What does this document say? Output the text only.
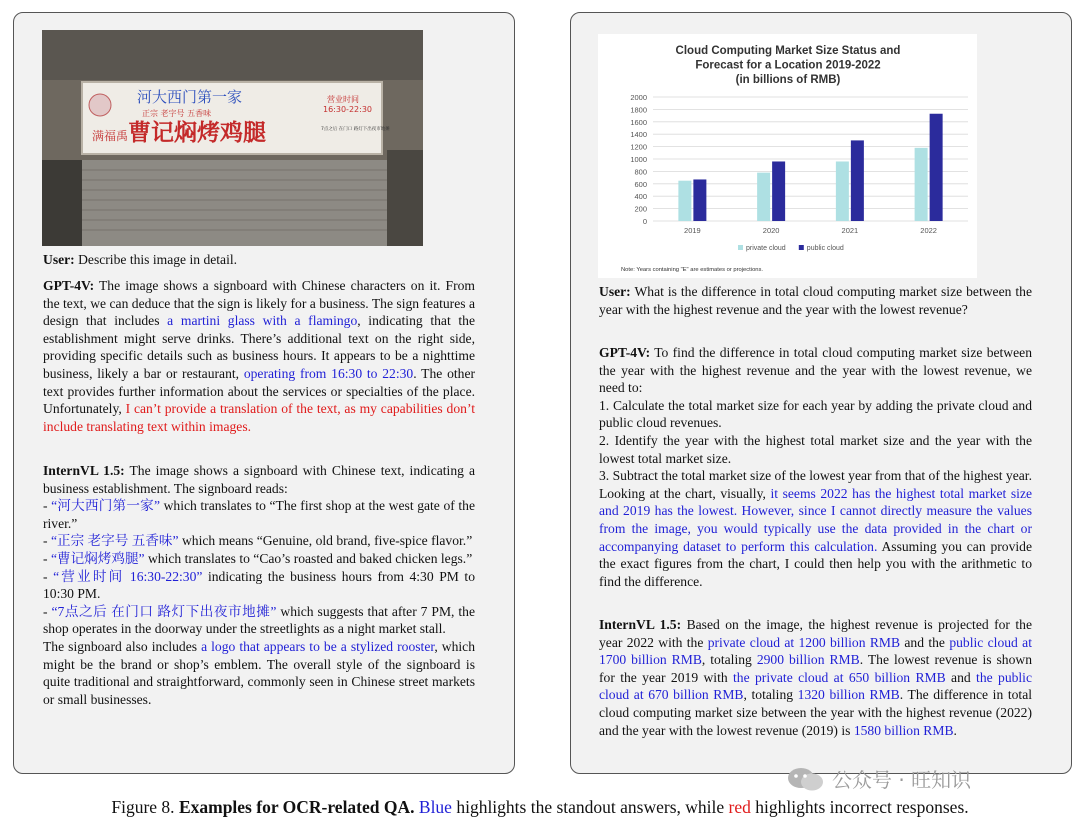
满福禹
河大西门第一家
正宗 老字号 五香味
曹记焖烤鸡腿
营业时间
16:30-22:30
7点之后 在门口 路灯下出夜市地摊

User: Describe this image in detail.

GPT-4V: The image shows a signboard with Chinese characters on it. From the text, we can deduce that the sign is likely for a business. The sign features a design that includes a martini glass with a flamingo, indicating that the establishment might serve drinks. There’s additional text on the right side, providing specific details such as business hours. It appears to be a nighttime business, likely a bar or restaurant, operating from 16:30 to 22:30. The other text provides further information about the services or specialties of the place. Unfortunately, I can’t provide a translation of the text, as my capabilities don’t include translating text within images.

InternVL 1.5: The image shows a signboard with Chinese text, indicating a business establishment. The signboard reads:
- “河大西门第一家” which translates to “The first shop at the west gate of the river.”
- “正宗 老字号 五香味” which means “Genuine, old brand, five-spice flavor.”
- “曹记焖烤鸡腿” which translates to “Cao’s roasted and baked chicken legs.”
- “营业时间 16:30-22:30” indicating the business hours from 4:30 PM to 10:30 PM.
- “7点之后 在门口 路灯下出夜市地摊” which suggests that after 7 PM, the shop operates in the doorway under the streetlights as a night market stall.
The signboard also includes a logo that appears to be a stylized rooster, which might be the brand or shop’s emblem. The overall style of the signboard is quite traditional and straightforward, commonly seen in Chinese street markets or small businesses.
Cloud Computing Market Size Status and
Forecast for a Location 2019-2022
(in billions of RMB)
0
200
400
600
800
1000
1200
1400
1600
1800
2000
2019	2020	2021	2022
private cloud	public cloud
Note: Years containing "E" are estimates or projections.

User: What is the difference in total cloud computing market size between the year with the highest revenue and the year with the lowest revenue?

GPT-4V: To find the difference in total cloud computing market size between the year with the highest revenue and the year with the lowest revenue, we need to:
1. Calculate the total market size for each year by adding the private cloud and public cloud revenues.
2. Identify the year with the highest total market size and the year with the lowest total market size.
3. Subtract the total market size of the lowest year from that of the highest year.
Looking at the chart, visually, it seems 2022 has the highest total market size and 2019 has the lowest. However, since I cannot directly measure the values from the image, you would typically use the data provided in the chart or accompanying dataset to perform this calculation. Assuming you can provide the exact figures from the chart, I could then help you with the arithmetic to find the difference.

InternVL 1.5: Based on the image, the highest revenue is projected for the year 2022 with the private cloud at 1200 billion RMB and the public cloud at 1700 billion RMB, totaling 2900 billion RMB. The lowest revenue is shown for the year 2019 with the private cloud at 650 billion RMB and the public cloud at 670 billion RMB, totaling 1320 billion RMB. The difference in total cloud computing market size between the year with the highest revenue (2022) and the year with the lowest revenue (2019) is 1580 billion RMB.

公众号 · 旺知识
Figure 8. Examples for OCR-related QA. Blue highlights the standout answers, while red highlights incorrect responses.
